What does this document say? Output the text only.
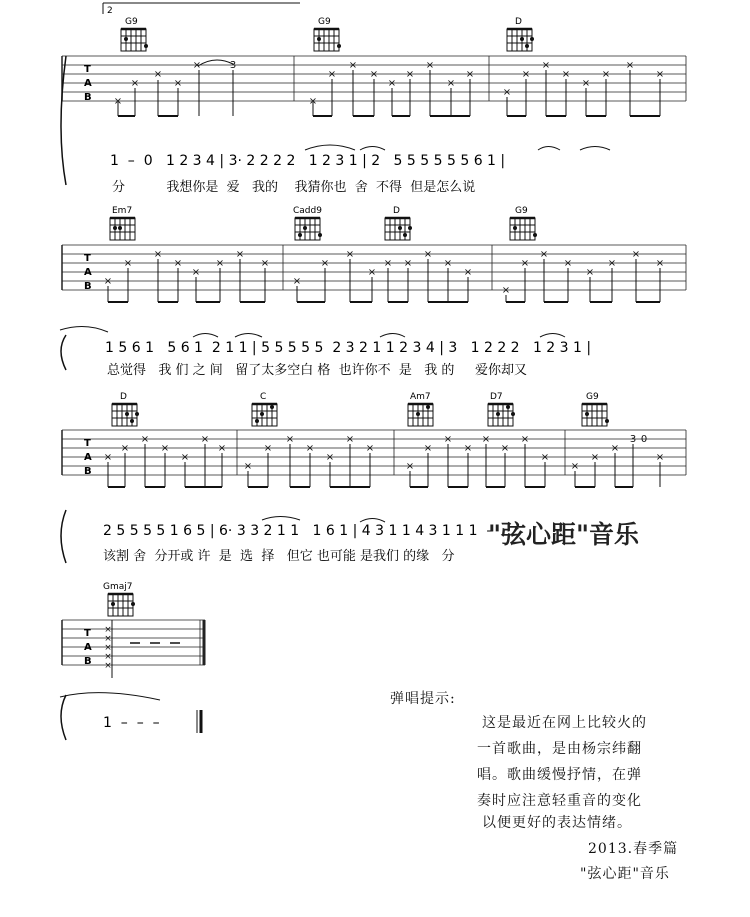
2
G9	G9	D
T
A
B ×
×
×
×
×	3
×
×
×
×
×
×
×
×
×
×
×
×
×
×
×
×
×
1  –  0   1 2 3 4 | 3· 2 2 2 2   1 2 3 1 | 2   5 5 5 5 5 5 6 1 |
分          我想你是  爱   我的    我猜你也  舍  不得  但是怎么说
Em7	Cadd9	D	G9
T
A
B ×
×
×
×
×
×
×
×
×
×
×
×
× ×
×
×
×
×
×
×
×
×
×
×
×
1 5 6 1   5 6 1  2 1 1 | 5 5 5 5 5  2 3 2 1 1 2 3 4 | 3   1 2 2 2   1 2 3 1 |
总觉得   我 们 之 间   留了太多空白 格  也许你不  是   我 的     爱你却又
D	C	Am7	D7	G9
T
A
B
×
×
×
×
×
×
×
×
×
×
×
×
×
×
×
×
×
×
×
×
×
×
×
×
×
3 0
×
2 5 5 5 5 1 6 5 | 6· 3 3 2 1 1   1 6 1 | 4 3 1 1 4 3 1 1 1  –
该割 舍  分开或 许  是  选  择   但它 也可能 是我们 的缘   分
"弦心距"音乐
Gmaj7
T
A
B
×
×
×
×
×
1  –  –  –
弹唱提示:
这是最近在网上比较火的
一首歌曲，是由杨宗纬翻
唱。歌曲缓慢抒情，在弹
奏时应注意轻重音的变化
以便更好的表达情绪。
2013.春季篇
"弦心距"音乐
